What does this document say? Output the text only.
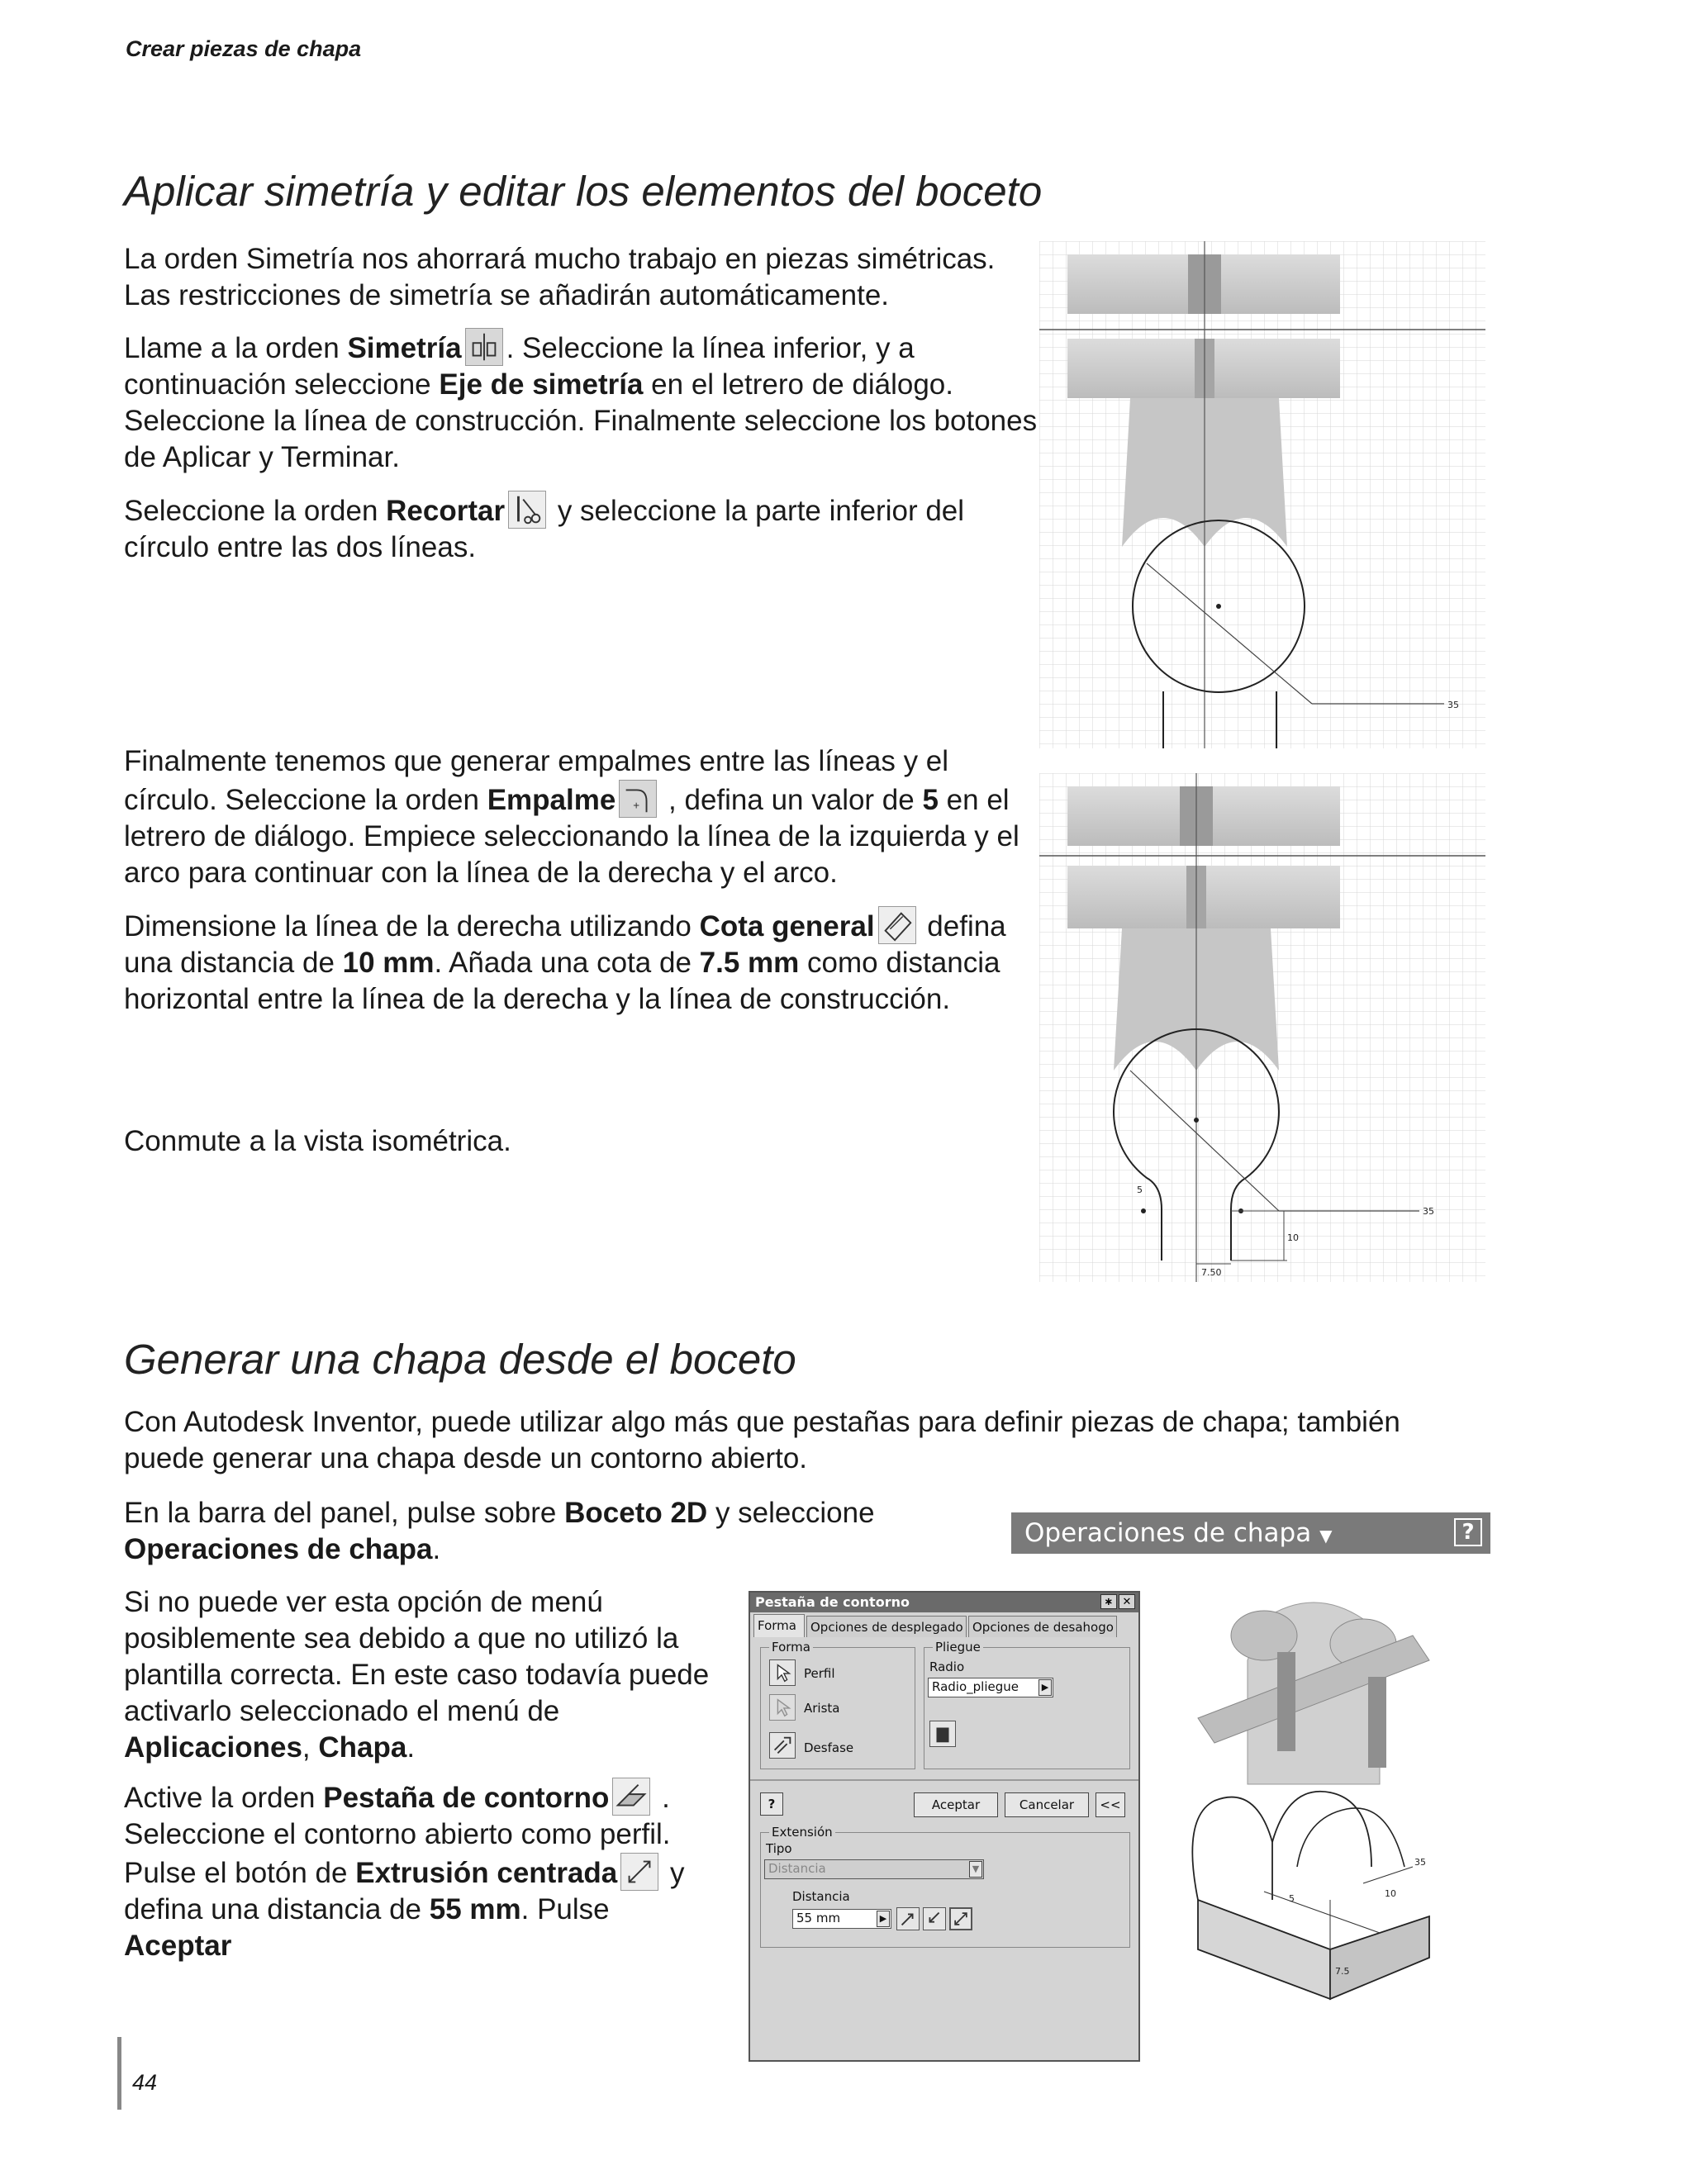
Crear piezas de chapa
Aplicar simetría y editar los elementos del boceto

La orden Simetría nos ahorrará mucho trabajo en piezas simétricas. Las restricciones de simetría se añadirán automáticamente.

Llame a la orden Simetría . Seleccione la línea inferior, y a continuación seleccione Eje de simetría en el letrero de diálogo. Seleccione la línea de construcción. Finalmente seleccione los botones de Aplicar y Terminar.

Seleccione la orden Recortar
y seleccione la parte inferior del círculo entre las dos líneas.

35

Finalmente tenemos que generar empalmes entre las líneas y el círculo. Seleccione la orden Empalme + , defina un valor de 5 en el letrero de diálogo. Empiece seleccionando la línea de la izquierda y el arco para continuar con la línea de la derecha y el arco.

Dimensione la línea de la derecha utilizando Cota general
defina una distancia de 10 mm. Añada una cota de 7.5 mm como distancia horizontal entre la línea de la derecha y la línea de construcción.

Conmute a la vista isométrica.

35
10
5
7.50
Generar una chapa desde el boceto

Con Autodesk Inventor, puede utilizar algo más que pestañas para definir piezas de chapa; también puede generar una chapa desde un contorno abierto.

En la barra del panel, pulse sobre Boceto 2D y seleccione
Operaciones de chapa.	Operaciones de chapa ▼	?

Si no puede ver esta opción de menú posiblemente sea debido a que no utilizó la plantilla correcta. En este caso todavía puede activarlo seleccionado el menú de Aplicaciones, Chapa.

Active la orden Pestaña de contorno
. Seleccione el contorno abierto como perfil. Pulse el botón de Extrusión centrada
y defina una distancia de 55 mm. Pulse
Aceptar

Pestaña de contorno	∗ ✕
Forma	Opciones de desplegado Opciones de desahogo
Forma
Perfil
Arista
Desfase
Pliegue
Radio
Radio_pliegue	▶
?	Aceptar	Cancelar	<<
Extensión
Tipo
Distancia	▼
Distancia
55 mm	▶
35
10
5
7.5
44
